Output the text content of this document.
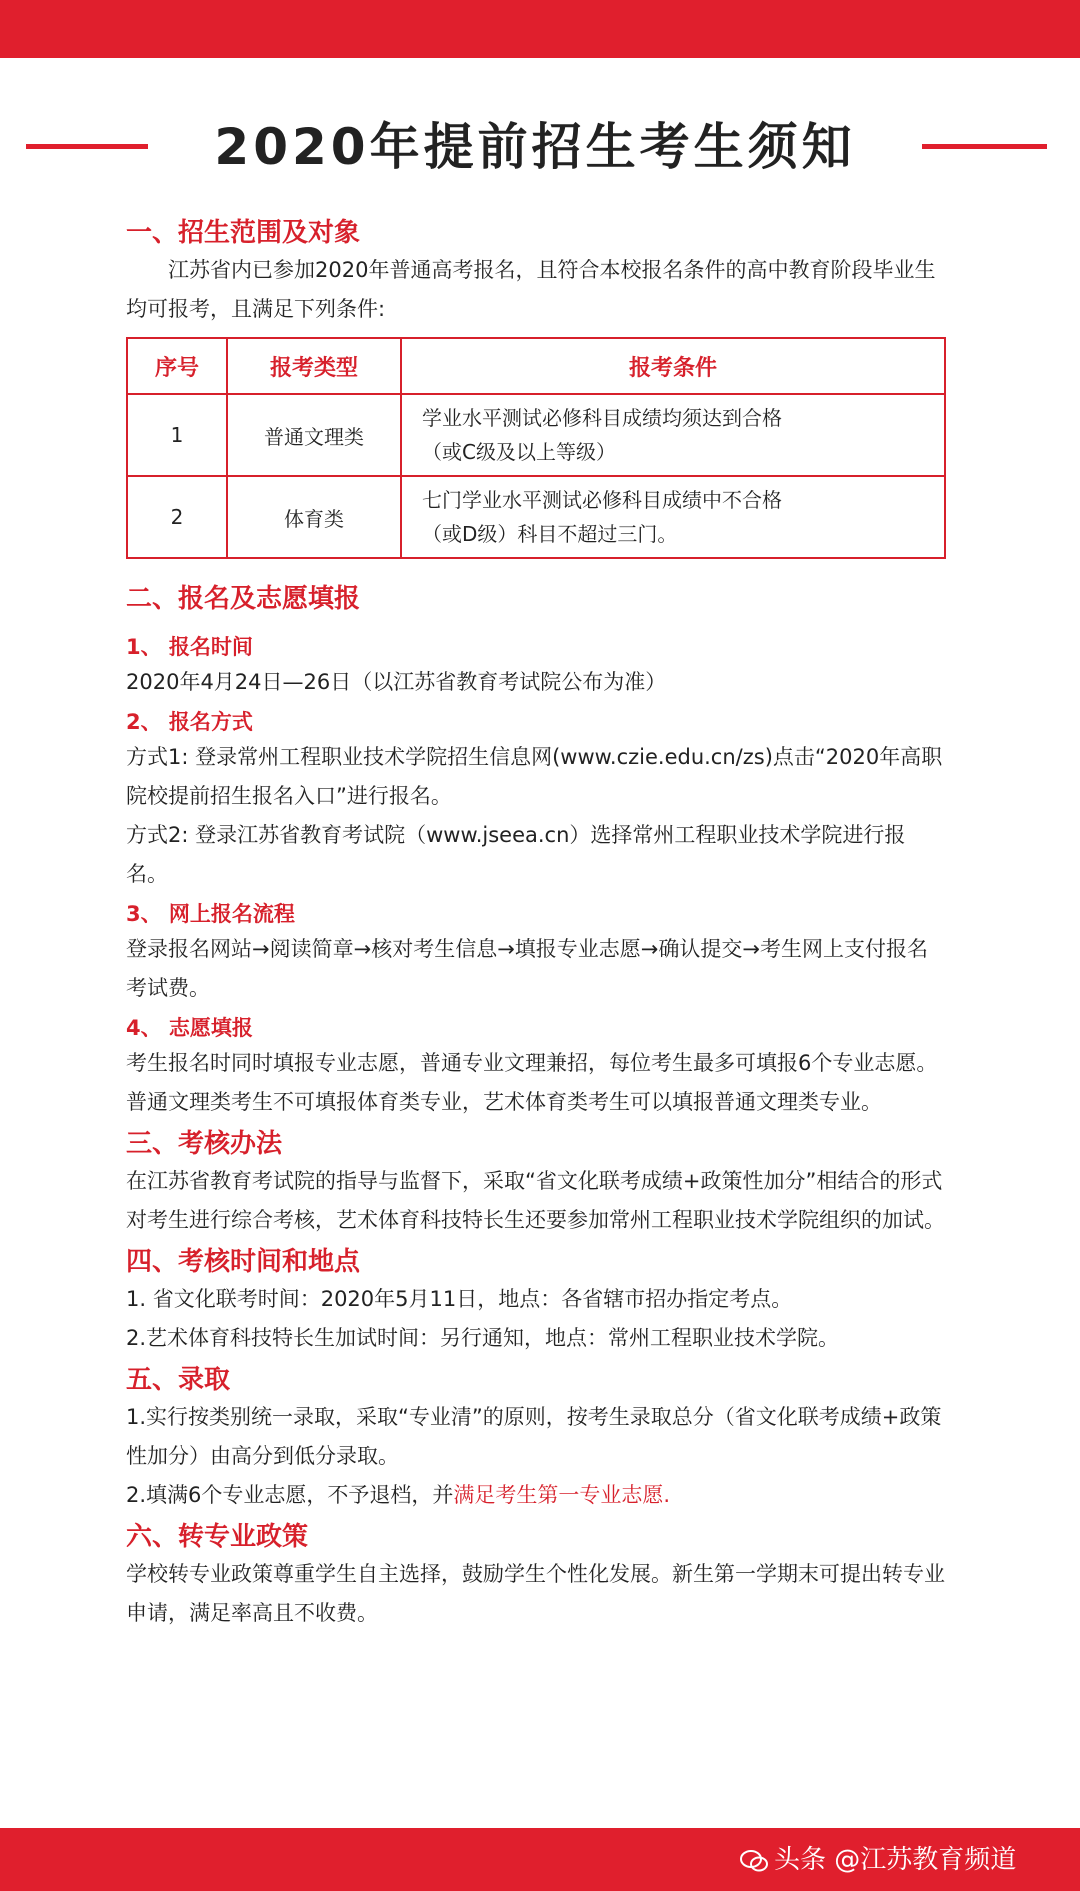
2020年提前招生考生须知
一、招生范围及对象

江苏省内已参加2020年普通高考报名，且符合本校报名条件的高中教育阶段毕业生均可报考，且满足下列条件:

序号	报考类型	报考条件
1	普通文理类	学业水平测试必修科目成绩均须达到合格
（或C级及以上等级）

2	体育类	七门学业水平测试必修科目成绩中不合格
（或D级）科目不超过三门。
二、报名及志愿填报
1、 报名时间

2020年4月24日—26日（以江苏省教育考试院公布为准）

2、 报名方式

方式1: 登录常州工程职业技术学院招生信息网(www.czie.edu.cn/zs)点击“2020年高职院校提前招生报名入口”进行报名。

方式2: 登录江苏省教育考试院（www.jseea.cn）选择常州工程职业技术学院进行报名。

3、 网上报名流程

登录报名网站→阅读简章→核对考生信息→填报专业志愿→确认提交→考生网上支付报名考试费。

4、 志愿填报

考生报名时同时填报专业志愿，普通专业文理兼招，每位考生最多可填报6个专业志愿。普通文理类考生不可填报体育类专业，艺术体育类考生可以填报普通文理类专业。

三、考核办法

在江苏省教育考试院的指导与监督下，采取“省文化联考成绩+政策性加分”相结合的形式对考生进行综合考核，艺术体育科技特长生还要参加常州工程职业技术学院组织的加试。

四、考核时间和地点

1. 省文化联考时间：2020年5月11日，地点：各省辖市招办指定考点。

2.艺术体育科技特长生加试时间：另行通知，地点：常州工程职业技术学院。

五、录取

1.实行按类别统一录取，采取“专业清”的原则，按考生录取总分（省文化联考成绩+政策性加分）由高分到低分录取。

2.填满6个专业志愿，不予退档，并满足考生第一专业志愿.

六、转专业政策

学校转专业政策尊重学生自主选择，鼓励学生个性化发展。新生第一学期末可提出转专业申请，满足率高且不收费。

头条 @江苏教育频道
